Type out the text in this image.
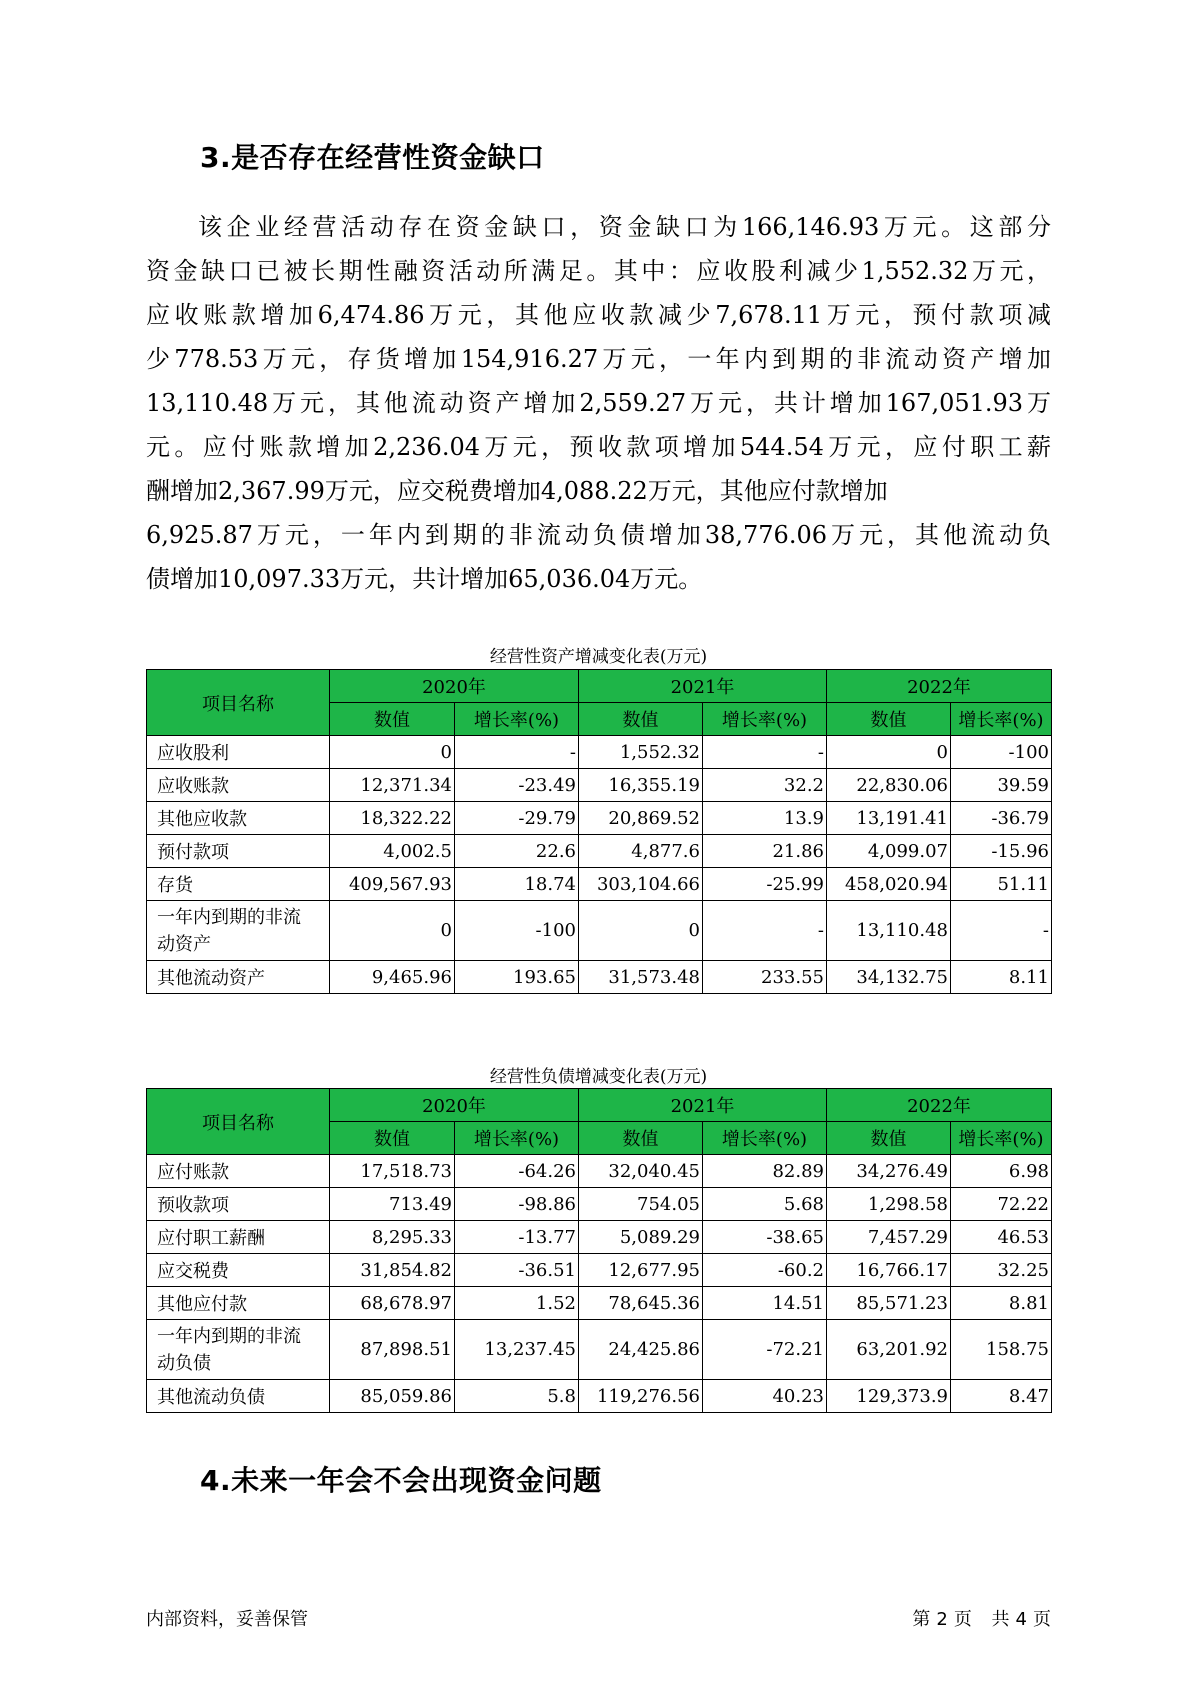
3.是否存在经营性资金缺口
该企业经营活动存在资金缺口，资金缺口为166,146.93万元。这部分
资金缺口已被长期性融资活动所满足。其中：应收股利减少1,552.32万元，
应收账款增加6,474.86万元，其他应收款减少7,678.11万元，预付款项减
少778.53万元，存货增加154,916.27万元，一年内到期的非流动资产增加
13,110.48万元，其他流动资产增加2,559.27万元，共计增加167,051.93万
元。应付账款增加2,236.04万元，预收款项增加544.54万元，应付职工薪
酬增加2,367.99万元，应交税费增加4,088.22万元，其他应付款增加
6,925.87万元，一年内到期的非流动负债增加38,776.06万元，其他流动负
债增加10,097.33万元，共计增加65,036.04万元。
经营性资产增减变化表(万元)
项目名称	2020年		2021年		2022年	
	数值	增长率(%)	数值	增长率(%)	数值	增长率(%)

应收股利	0	-	1,552.32	-	0	-100

应收账款	12,371.34	-23.49	16,355.19	32.2	22,830.06	39.59

其他应收款	18,322.22	-29.79	20,869.52	13.9	13,191.41	-36.79

预付款项	4,002.5	22.6	4,877.6	21.86	4,099.07	-15.96

存货	409,567.93	18.74	303,104.66	-25.99	458,020.94	51.11

一年内到期的非流
动资产	0	-100	0	-	13,110.48	-

其他流动资产	9,465.96	193.65	31,573.48	233.55	34,132.75	8.11
经营性负债增减变化表(万元)
项目名称	2020年		2021年		2022年	
	数值	增长率(%)	数值	增长率(%)	数值	增长率(%)

应付账款	17,518.73	-64.26	32,040.45	82.89	34,276.49	6.98

预收款项	713.49	-98.86	754.05	5.68	1,298.58	72.22

应付职工薪酬	8,295.33	-13.77	5,089.29	-38.65	7,457.29	46.53

应交税费	31,854.82	-36.51	12,677.95	-60.2	16,766.17	32.25

其他应付款	68,678.97	1.52	78,645.36	14.51	85,571.23	8.81

一年内到期的非流
动负债	87,898.51	13,237.45	24,425.86	-72.21	63,201.92	158.75

其他流动负债	85,059.86	5.8	119,276.56	40.23	129,373.9	8.47
4.未来一年会不会出现资金问题
内部资料，妥善保管	第 2 页 共 4 页
